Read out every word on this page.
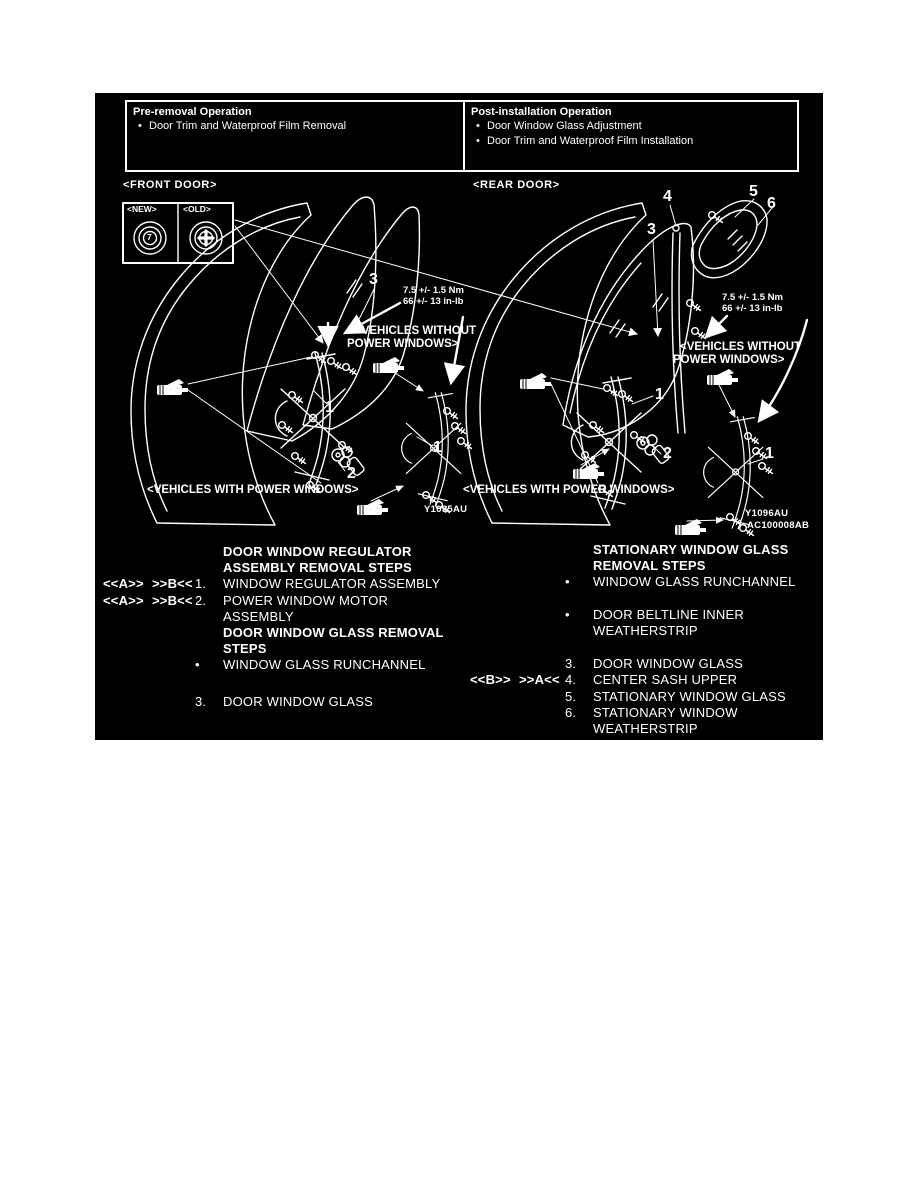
Pre-removal Operation
• Door Trim and Waterproof Film Removal
Post-installation Operation
• Door Window Glass Adjustment
• Door Trim and Waterproof Film Installation
<FRONT DOOR>	<REAR DOOR>
<NEW>	<OLD>
7
7.5 +/- 1.5 Nm
66 +/- 13 in-lb
<VEHICLES WITHOUT
POWER WINDOWS>
<VEHICLES WITH POWER WINDOWS>
Y1095AU
7.5 +/- 1.5 Nm
66 +/- 13 in-lb
<VEHICLES WITHOUT
POWER WINDOWS>
<VEHICLES WITH POWER WINDOWS>
Y1096AU
AC100008AB
3
1
2
1
4	5
6
3
1
2	1
DOOR WINDOW REGULATOR
ASSEMBLY REMOVAL STEPS
<<A>> >>B<< 1. WINDOW REGULATOR ASSEMBLY
<<A>> >>B<< 2. POWER WINDOW MOTOR
ASSEMBLY
DOOR WINDOW GLASS REMOVAL
STEPS
• WINDOW GLASS RUNCHANNEL
3. DOOR WINDOW GLASS
STATIONARY WINDOW GLASS
REMOVAL STEPS
• WINDOW GLASS RUNCHANNEL
• DOOR BELTLINE INNER
WEATHERSTRIP
3. DOOR WINDOW GLASS
<<B>> >>A<< 4. CENTER SASH UPPER
5. STATIONARY WINDOW GLASS
6. STATIONARY WINDOW
WEATHERSTRIP
